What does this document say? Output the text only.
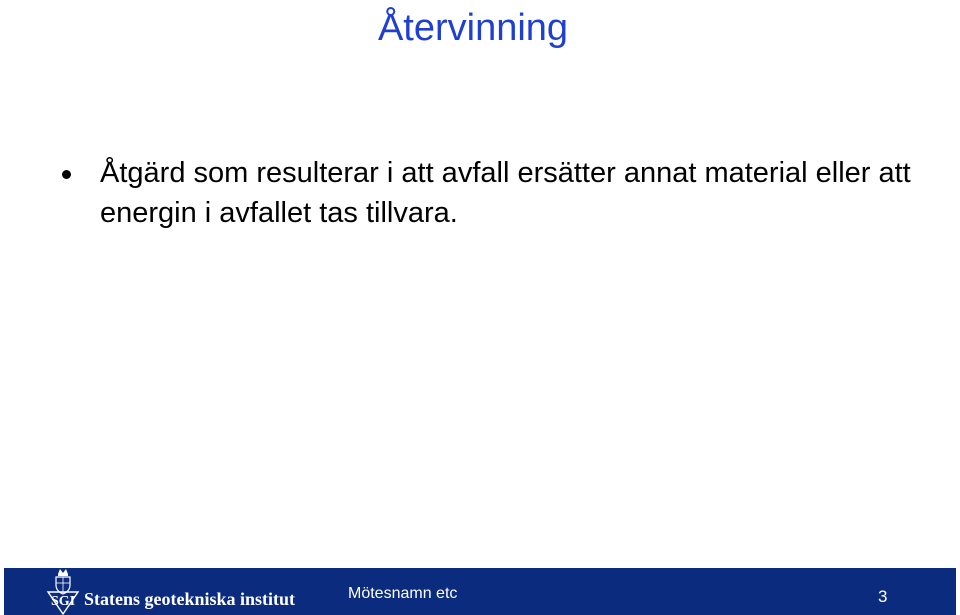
Återvinning
Åtgärd som resulterar i att avfall ersätter annat material eller att energin i avfallet tas tillvara.
SGI Statens geotekniska institut	Mötesnamn etc	3
